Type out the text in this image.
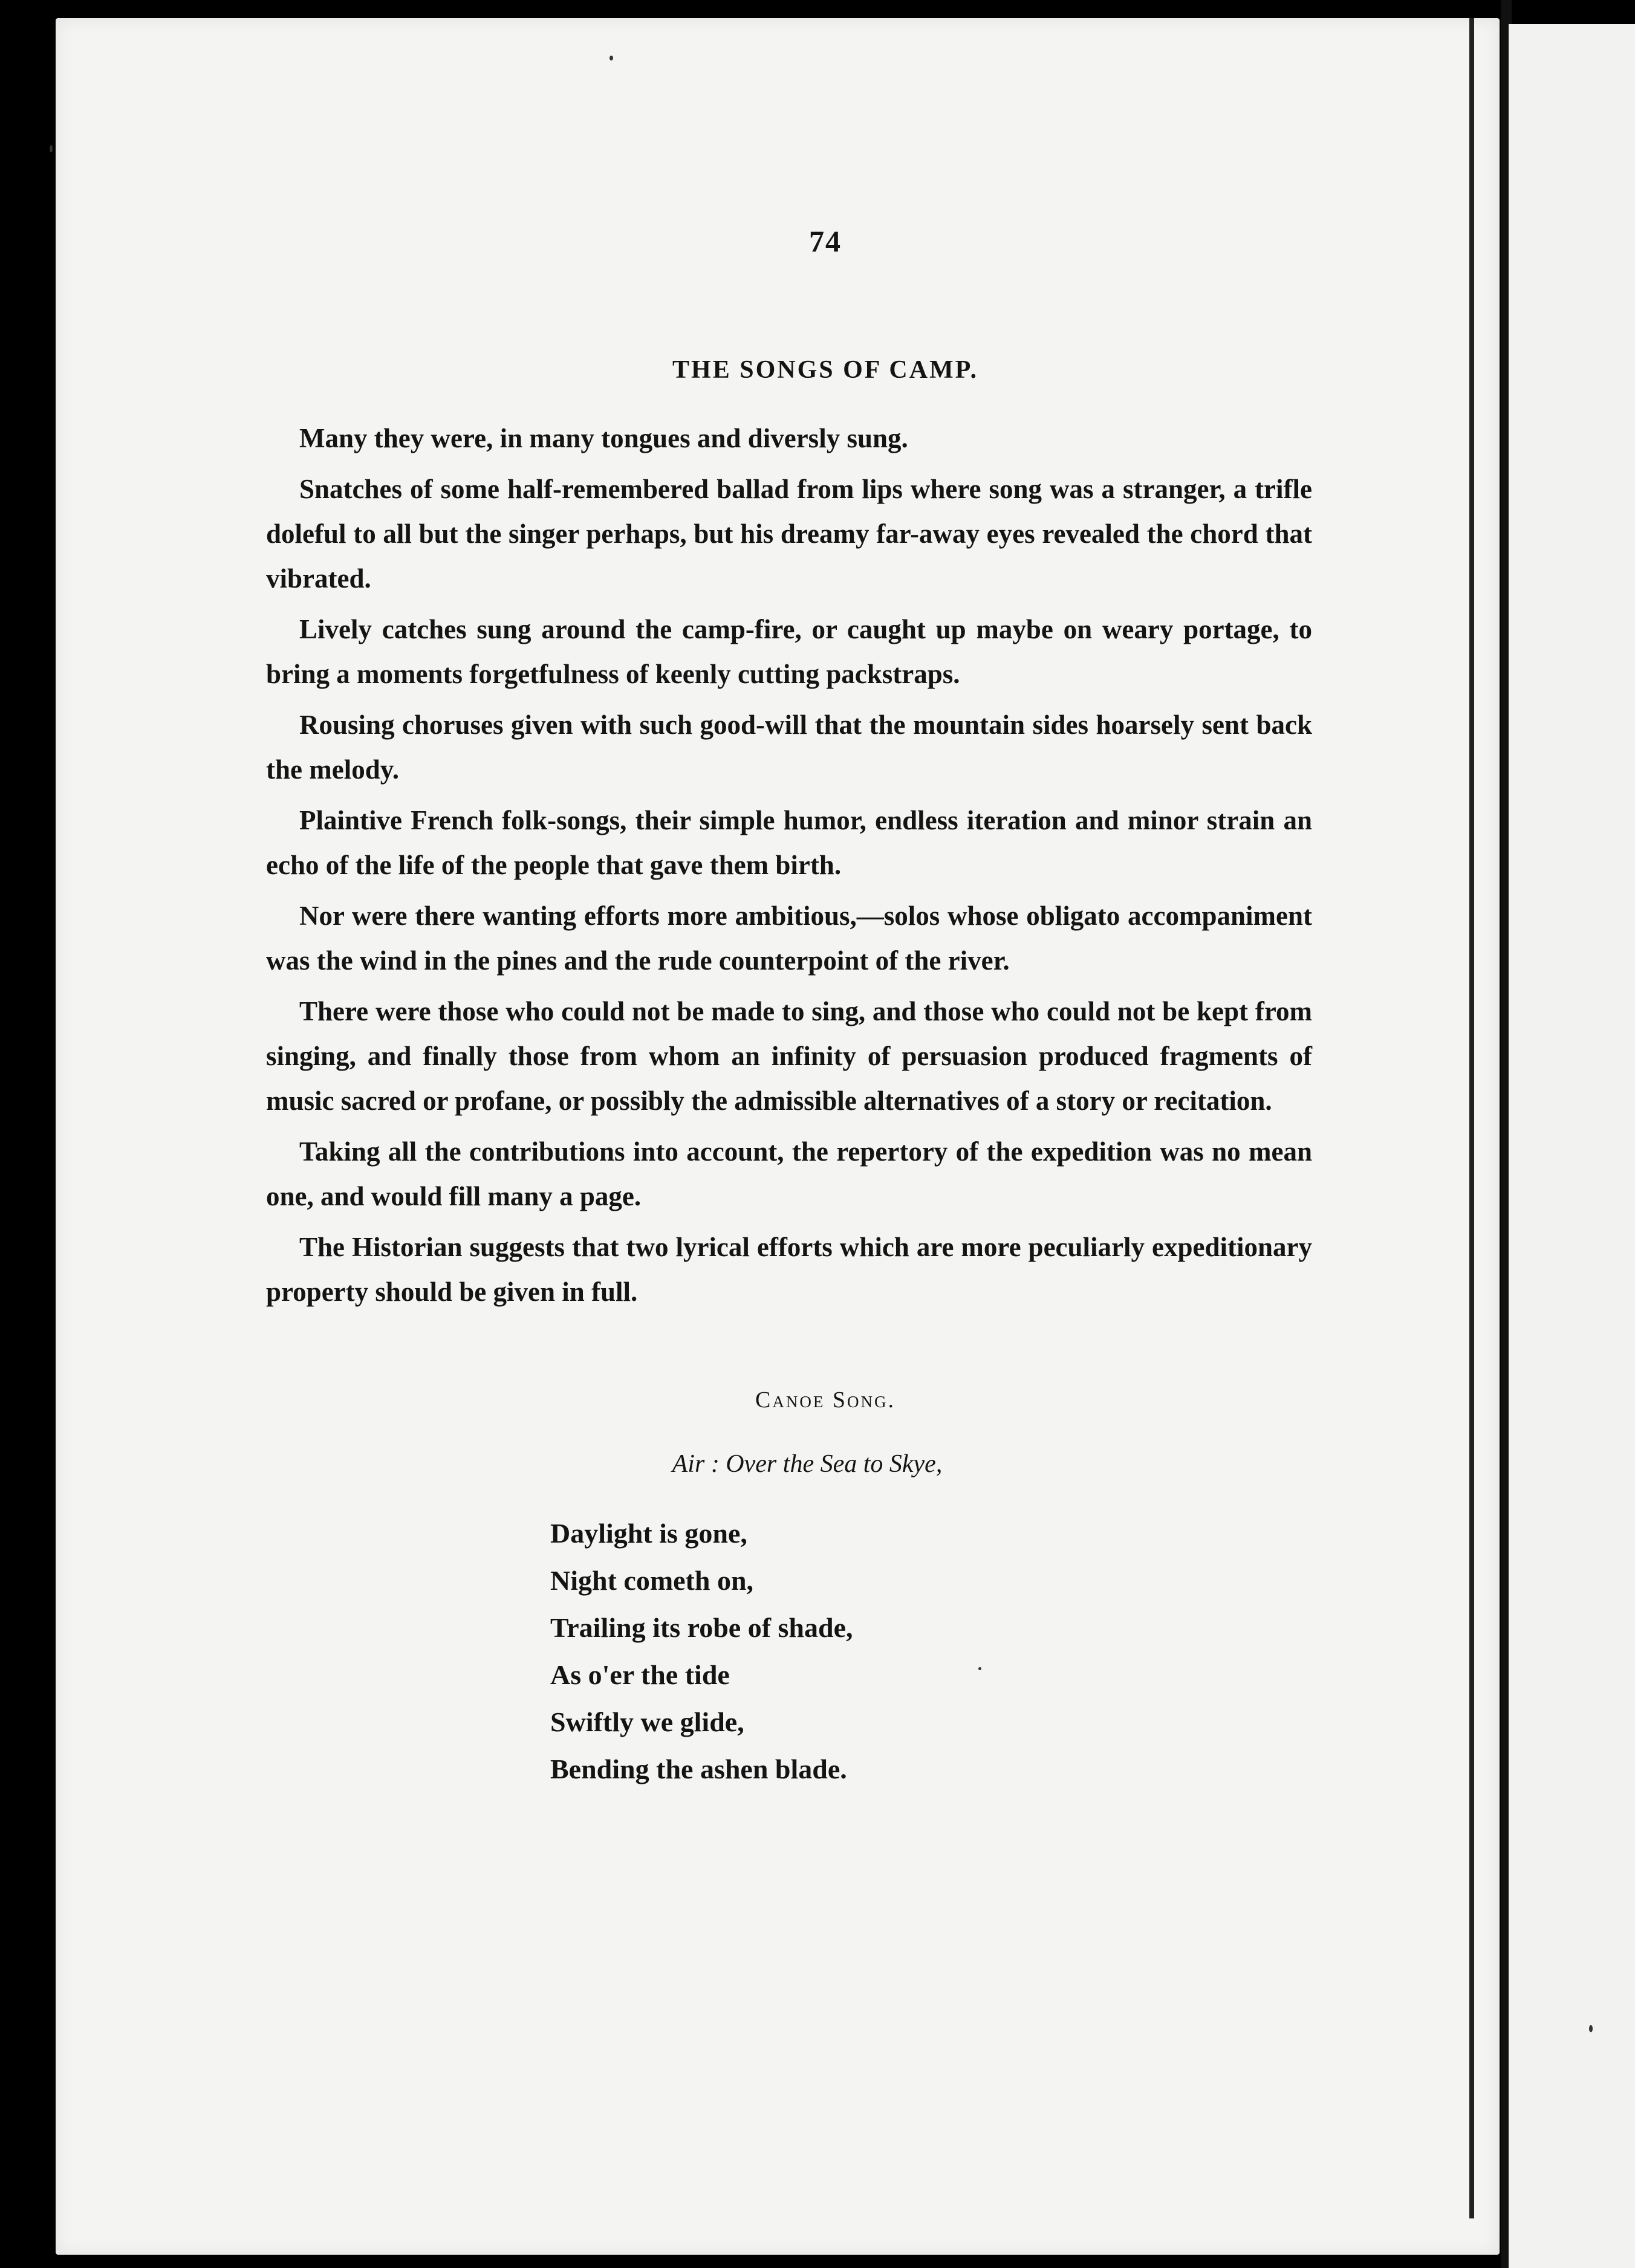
74
THE SONGS OF CAMP.

Many they were, in many tongues and diversly sung.

Snatches of some half-remembered ballad from lips where song was a stranger, a trifle doleful to all but the singer perhaps, but his dreamy far-away eyes revealed the chord that vibrated.

Lively catches sung around the camp-fire, or caught up maybe on weary portage, to bring a moments forgetfulness of keenly cutting packstraps.

Rousing choruses given with such good-will that the mountain sides hoarsely sent back the melody.

Plaintive French folk-songs, their simple humor, endless iteration and minor strain an echo of the life of the people that gave them birth.

Nor were there wanting efforts more ambitious,—solos whose obligato accompaniment was the wind in the pines and the rude counterpoint of the river.

There were those who could not be made to sing, and those who could not be kept from singing, and finally those from whom an infinity of persuasion produced fragments of music sacred or profane, or possibly the admissible alternatives of a story or recitation.

Taking all the contributions into account, the repertory of the expedition was no mean one, and would fill many a page.

The Historian suggests that two lyrical efforts which are more peculiarly expeditionary property should be given in full.

Canoe Song.
Air : Over the Sea to Skye,
Daylight is gone,
Night cometh on,
Trailing its robe of shade,
As o'er the tide
Swiftly we glide,
Bending the ashen blade.
